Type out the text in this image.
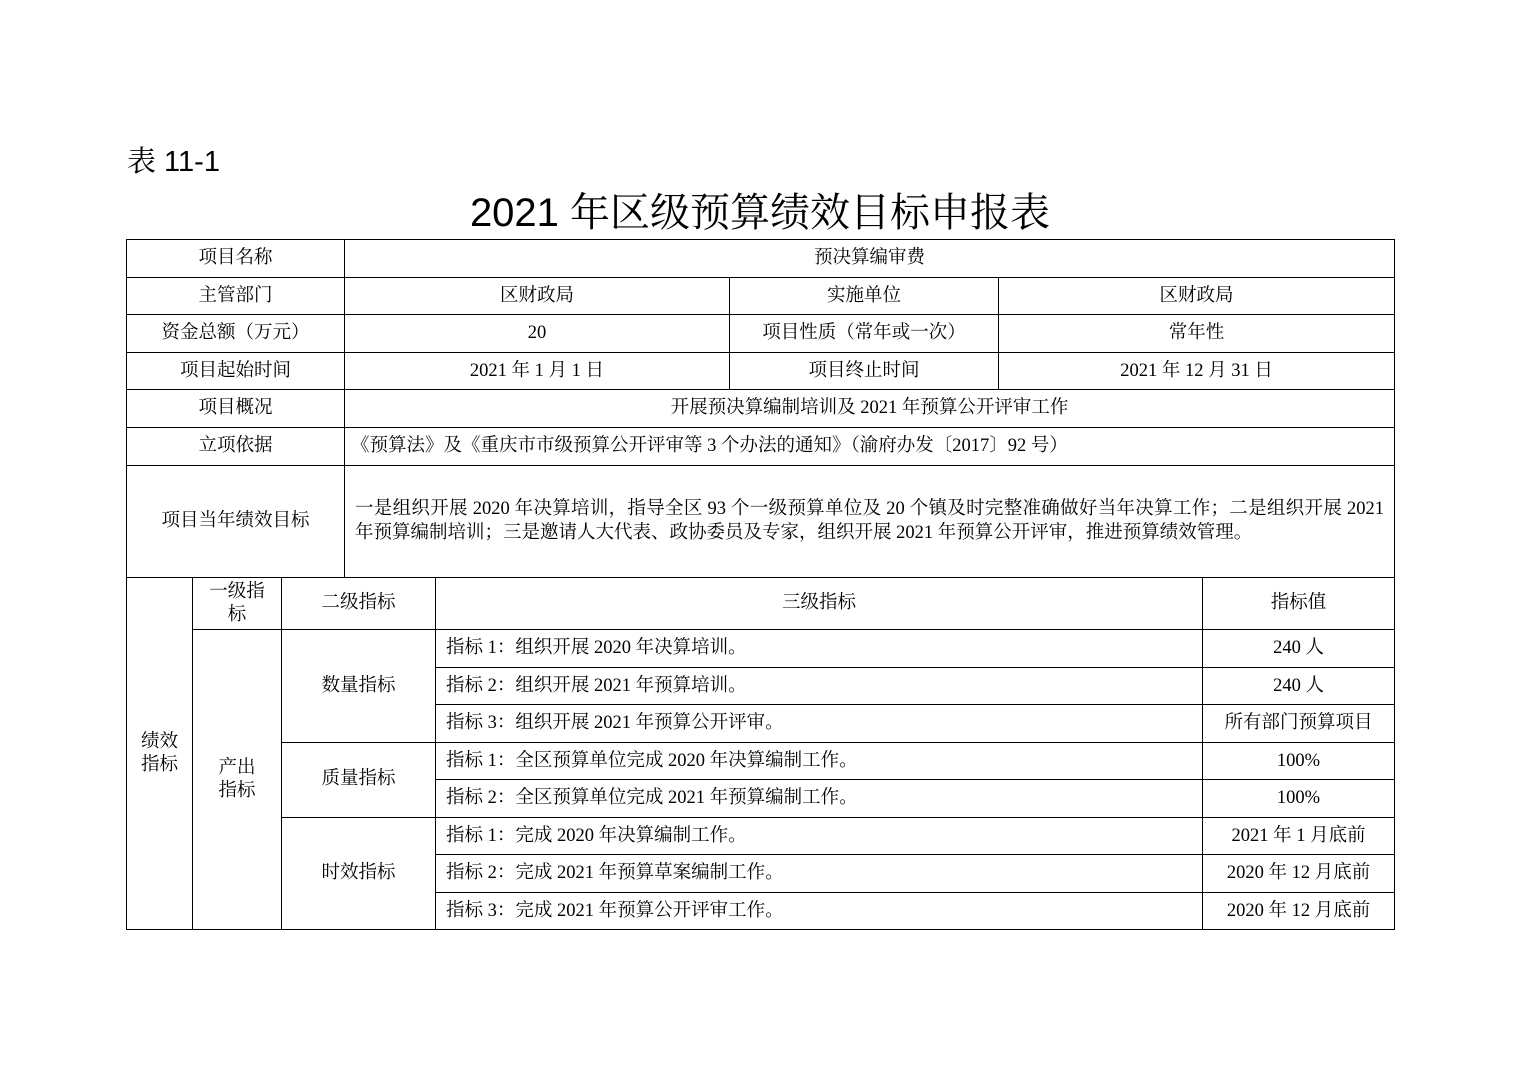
表 11-1
2021 年区级预算绩效目标申报表
项目名称			预决算编审费				
主管部门			区财政局		实施单位	区财政局	
资金总额（万元）			20		项目性质（常年或一次）	常年性	
项目起始时间			2021 年 1 月 1 日		项目终止时间	2021 年 12 月 31 日	
项目概况			开展预决算编制培训及 2021 年预算公开评审工作				
立项依据			《预算法》及《重庆市市级预算公开评审等 3 个办法的通知》（渝府办发〔2017〕92 号）				
项目当年绩效目标			一是组织开展 2020 年决算培训，指导全区 93 个一级预算单位及 20 个镇及时完整准确做好当年决算工作；二是组织开展 2021 年预算编制培训；三是邀请人大代表、政协委员及专家，组织开展 2021 年预算公开评审，推进预算绩效管理。				
绩效指标	一级指标	二级指标		三级指标			指标值
	产出指标	数量指标		指标 1：组织开展 2020 年决算培训。			240 人
				指标 2：组织开展 2021 年预算培训。			240 人
				指标 3：组织开展 2021 年预算公开评审。			所有部门预算项目
		质量指标		指标 1：全区预算单位完成 2020 年决算编制工作。			100%
				指标 2：全区预算单位完成 2021 年预算编制工作。			100%
		时效指标		指标 1：完成 2020 年决算编制工作。			2021 年 1 月底前
				指标 2：完成 2021 年预算草案编制工作。			2020 年 12 月底前
				指标 3：完成 2021 年预算公开评审工作。			2020 年 12 月底前
